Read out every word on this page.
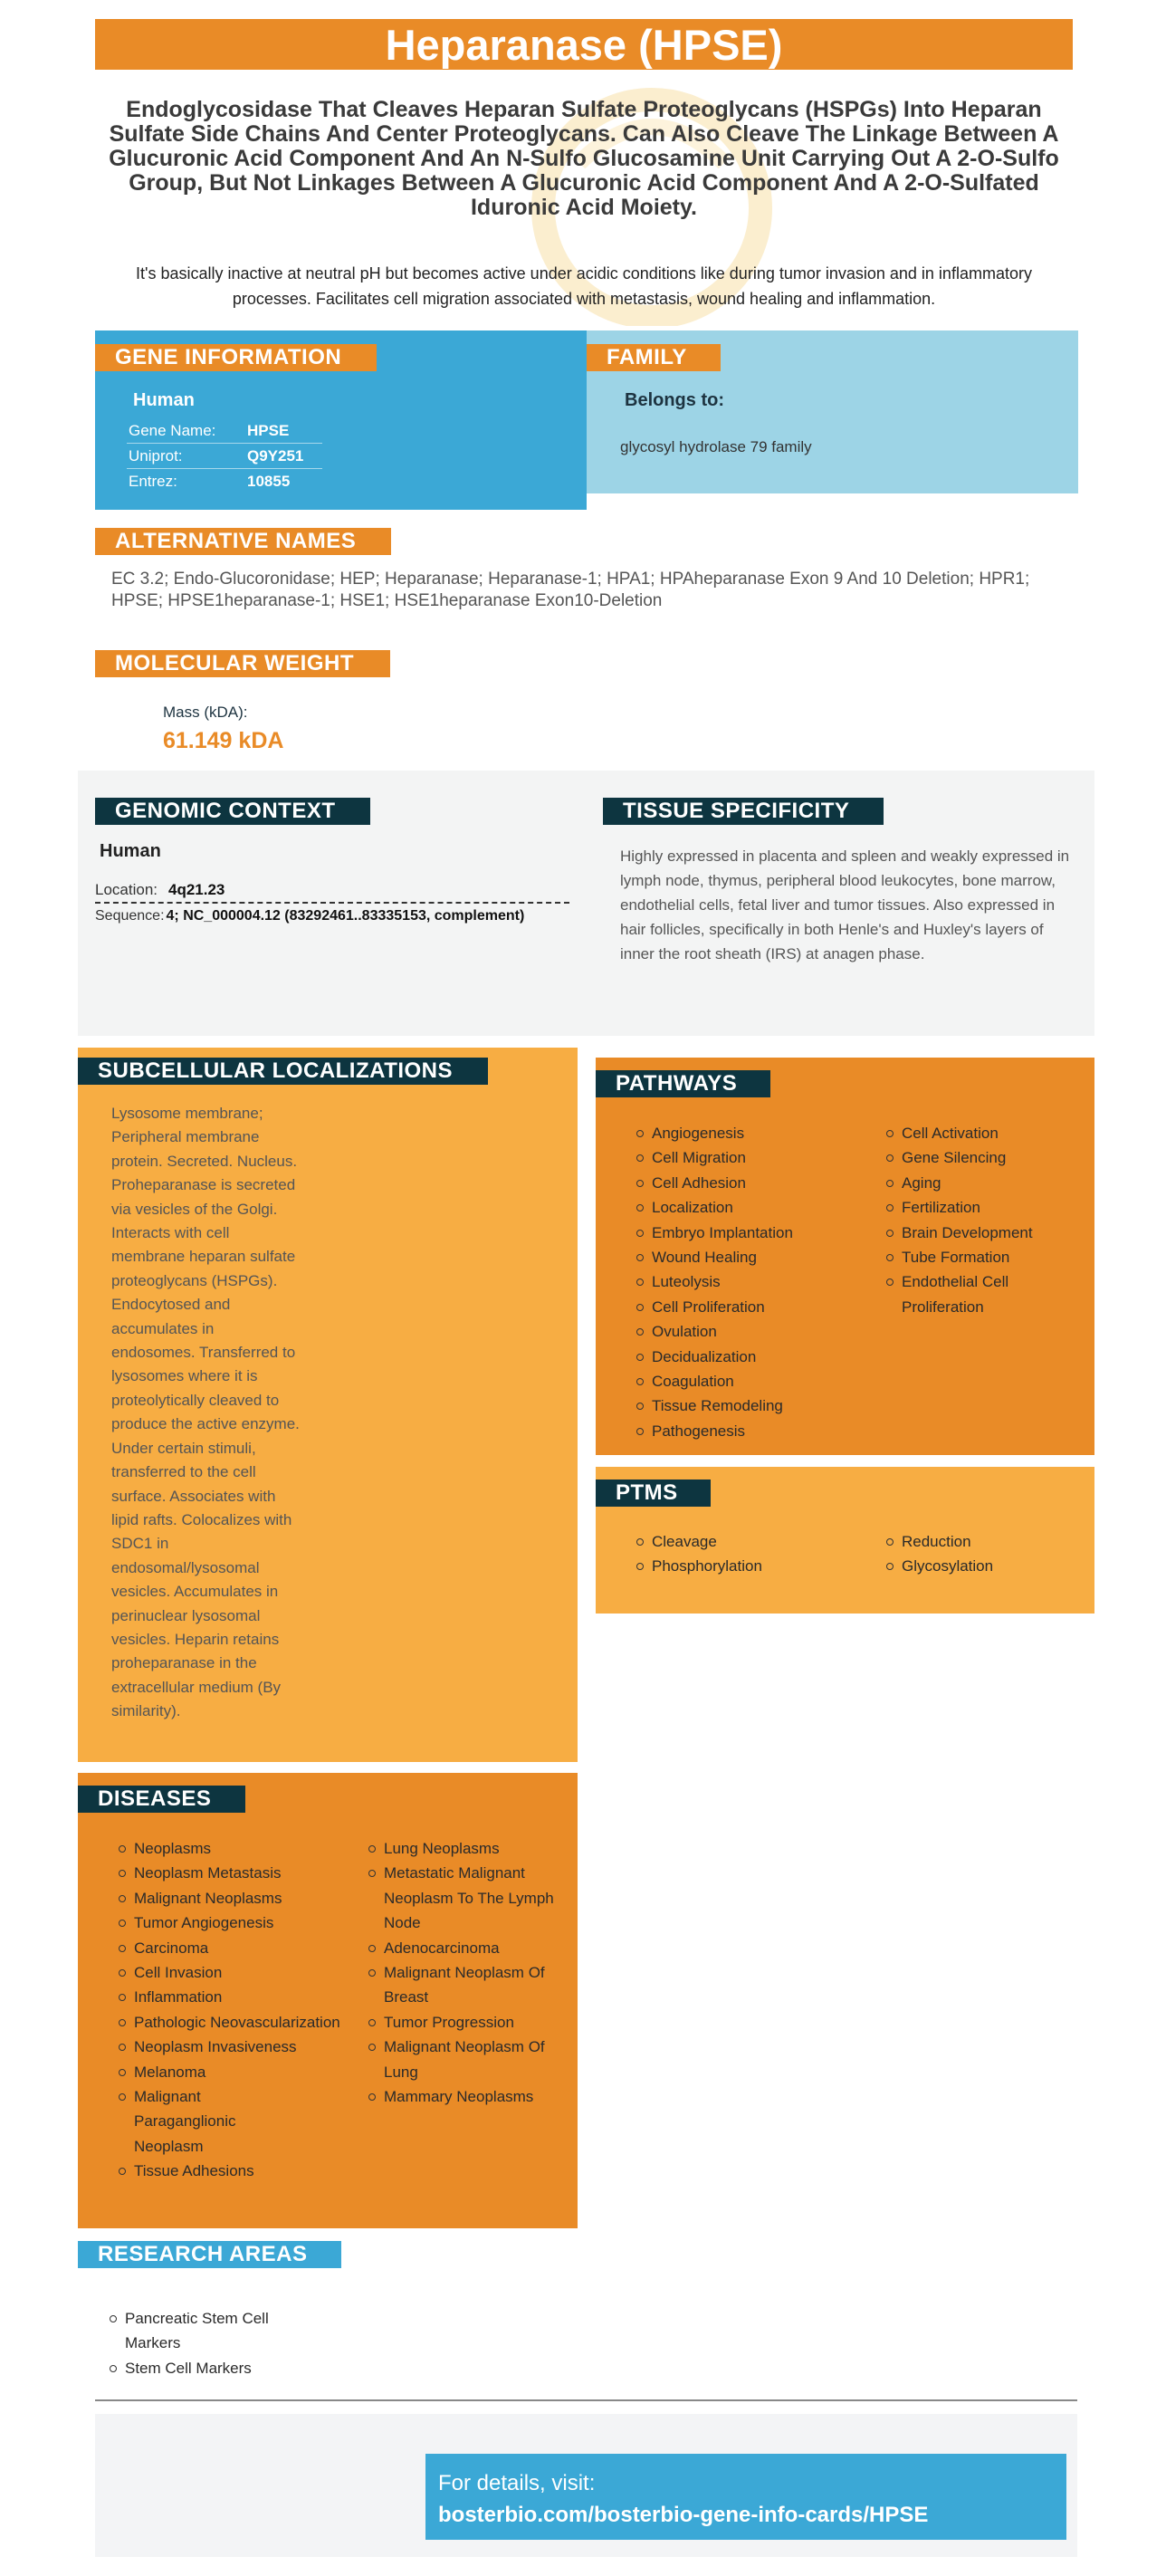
Heparanase (HPSE)

Endoglycosidase That Cleaves Heparan Sulfate Proteoglycans (HSPGs) Into Heparan Sulfate Side Chains And Center Proteoglycans. Can Also Cleave The Linkage Between A Glucuronic Acid Component And An N-Sulfo Glucosamine Unit Carrying Out A 2-O-Sulfo Group, But Not Linkages Between A Glucuronic Acid Component And A 2-O-Sulfated Iduronic Acid Moiety.

It's basically inactive at neutral pH but becomes active under acidic conditions like during tumor invasion and in inflammatory processes. Facilitates cell migration associated with metastasis, wound healing and inflammation.

GENE INFORMATION
Human
Gene Name:	HPSE
Uniprot:	Q9Y251
Entrez:	10855
FAMILY
Belongs to:
glycosyl hydrolase 79 family
ALTERNATIVE NAMES

EC 3.2; Endo-Glucoronidase; HEP; Heparanase; Heparanase-1; HPA1; HPAheparanase Exon 9 And 10 Deletion; HPR1; HPSE; HPSE1heparanase-1; HSE1; HSE1heparanase Exon10-Deletion

MOLECULAR WEIGHT
Mass (kDA):
61.149 kDA
GENOMIC CONTEXT
Human
Location: 4q21.23
Sequence: 4; NC_000004.12 (83292461..83335153, complement)
TISSUE SPECIFICITY

Highly expressed in placenta and spleen and weakly expressed in lymph node, thymus, peripheral blood leukocytes, bone marrow, endothelial cells, fetal liver and tumor tissues. Also expressed in hair follicles, specifically in both Henle's and Huxley's layers of inner the root sheath (IRS) at anagen phase.

SUBCELLULAR LOCALIZATIONS

Lysosome membrane; Peripheral membrane protein. Secreted. Nucleus. Proheparanase is secreted via vesicles of the Golgi. Interacts with cell membrane heparan sulfate proteoglycans (HSPGs). Endocytosed and accumulates in endosomes. Transferred to lysosomes where it is proteolytically cleaved to produce the active enzyme. Under certain stimuli, transferred to the cell surface. Associates with lipid rafts. Colocalizes with SDC1 in endosomal/lysosomal vesicles. Accumulates in perinuclear lysosomal vesicles. Heparin retains proheparanase in the extracellular medium (By similarity).

PATHWAYS
Angiogenesis
Cell Migration
Cell Adhesion
Localization
Embryo Implantation
Wound Healing
Luteolysis
Cell Proliferation
Ovulation
Decidualization
Coagulation
Tissue Remodeling
Pathogenesis
Cell Activation
Gene Silencing
Aging
Fertilization
Brain Development
Tube Formation
Endothelial Cell Proliferation
PTMS
Cleavage
Phosphorylation
Reduction
Glycosylation
DISEASES
Neoplasms
Neoplasm Metastasis
Malignant Neoplasms
Tumor Angiogenesis
Carcinoma
Cell Invasion
Inflammation
Pathologic Neovascularization
Neoplasm Invasiveness
Melanoma
Malignant Paraganglionic Neoplasm
Tissue Adhesions
Lung Neoplasms
Metastatic Malignant Neoplasm To The Lymph Node
Adenocarcinoma
Malignant Neoplasm Of Breast
Tumor Progression
Malignant Neoplasm Of Lung
Mammary Neoplasms
RESEARCH AREAS
Pancreatic Stem Cell Markers
Stem Cell Markers
For details, visit:
bosterbio.com/bosterbio-gene-info-cards/HPSE
